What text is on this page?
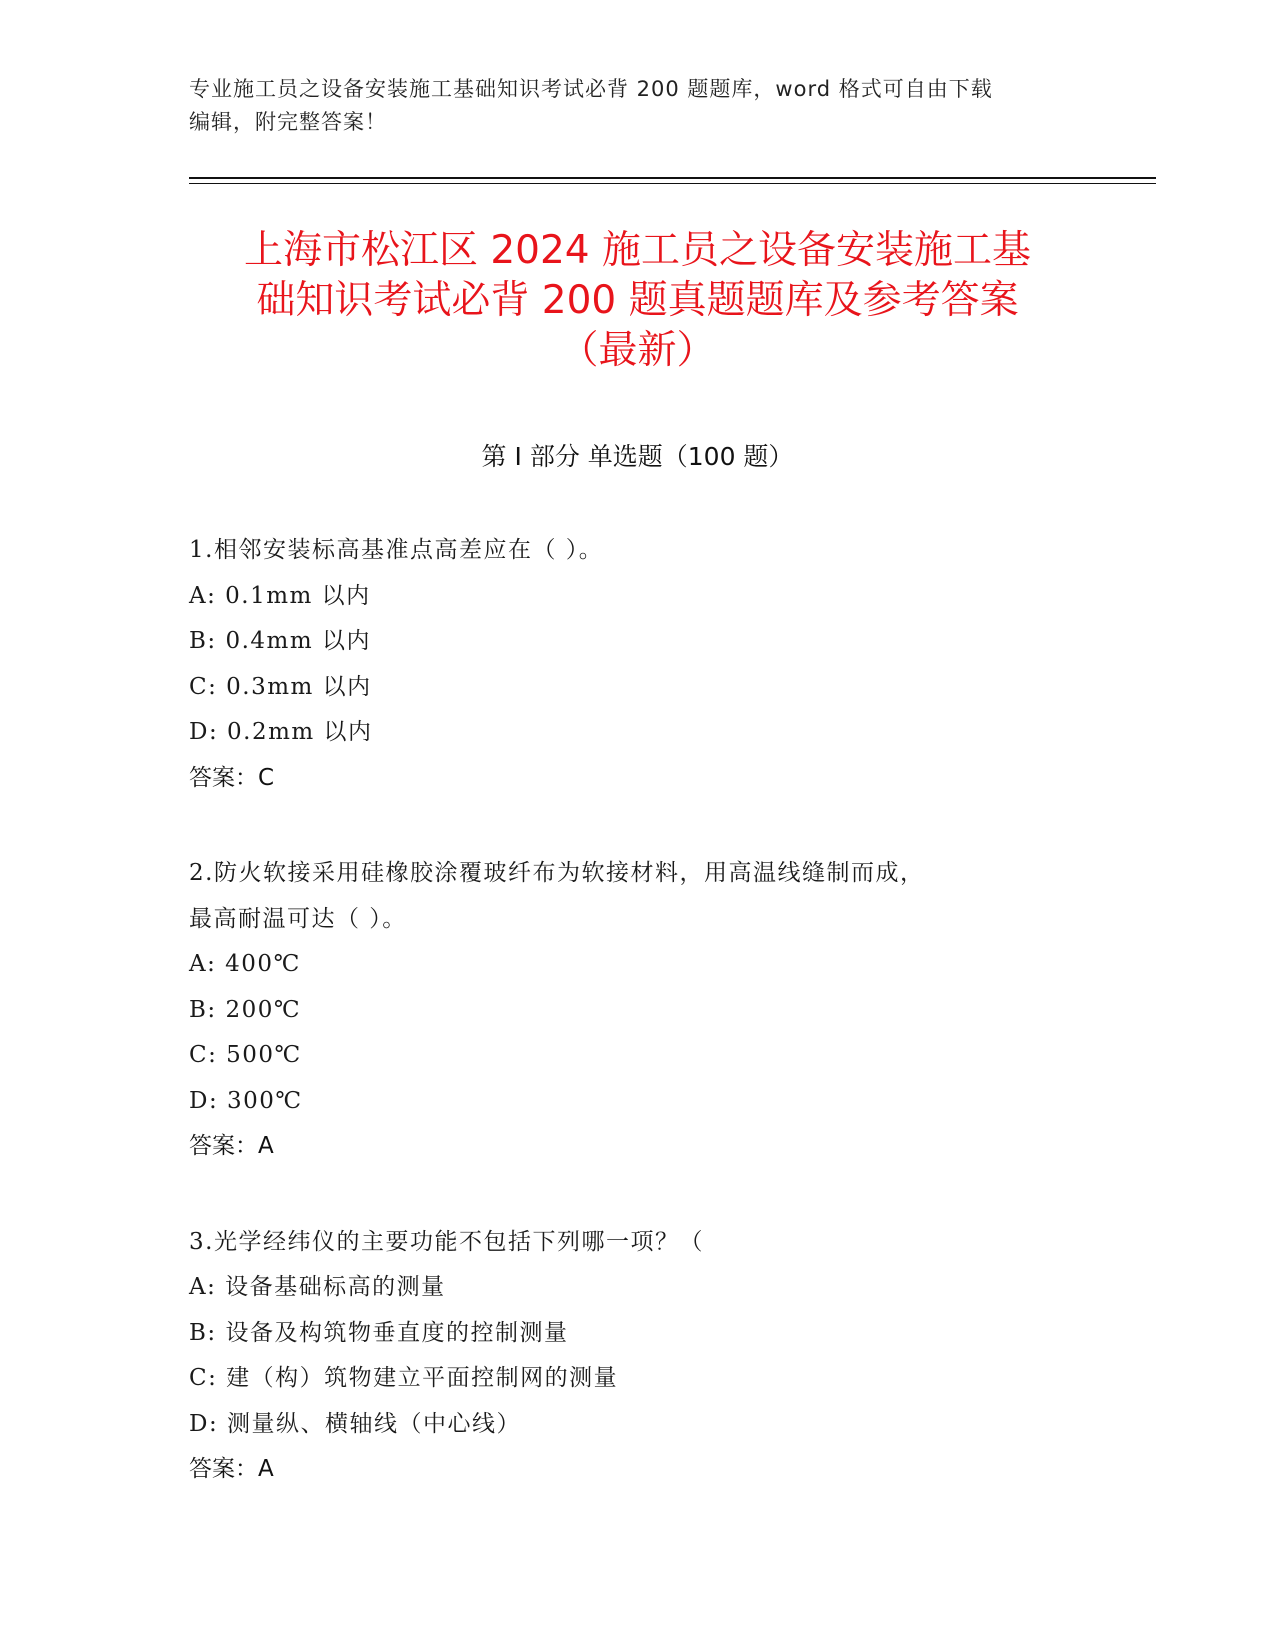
专业施工员之设备安装施工基础知识考试必背 200 题题库，word 格式可自由下载
编辑，附完整答案！
上海市松江区 2024 施工员之设备安装施工基
础知识考试必背 200 题真题题库及参考答案
（最新）
第 I 部分 单选题（100 题）
1.相邻安装标高基准点高差应在（ ）。
A: 0.1mm 以内
B: 0.4mm 以内
C: 0.3mm 以内
D: 0.2mm 以内
答案：C
2.防火软接采用硅橡胶涂覆玻纤布为软接材料，用高温线缝制而成，
最高耐温可达（ ）。
A: 400℃
B: 200℃
C: 500℃
D: 300℃
答案：A
3.光学经纬仪的主要功能不包括下列哪一项？（
A: 设备基础标高的测量
B: 设备及构筑物垂直度的控制测量
C: 建（构）筑物建立平面控制网的测量
D: 测量纵、横轴线（中心线）
答案：A
